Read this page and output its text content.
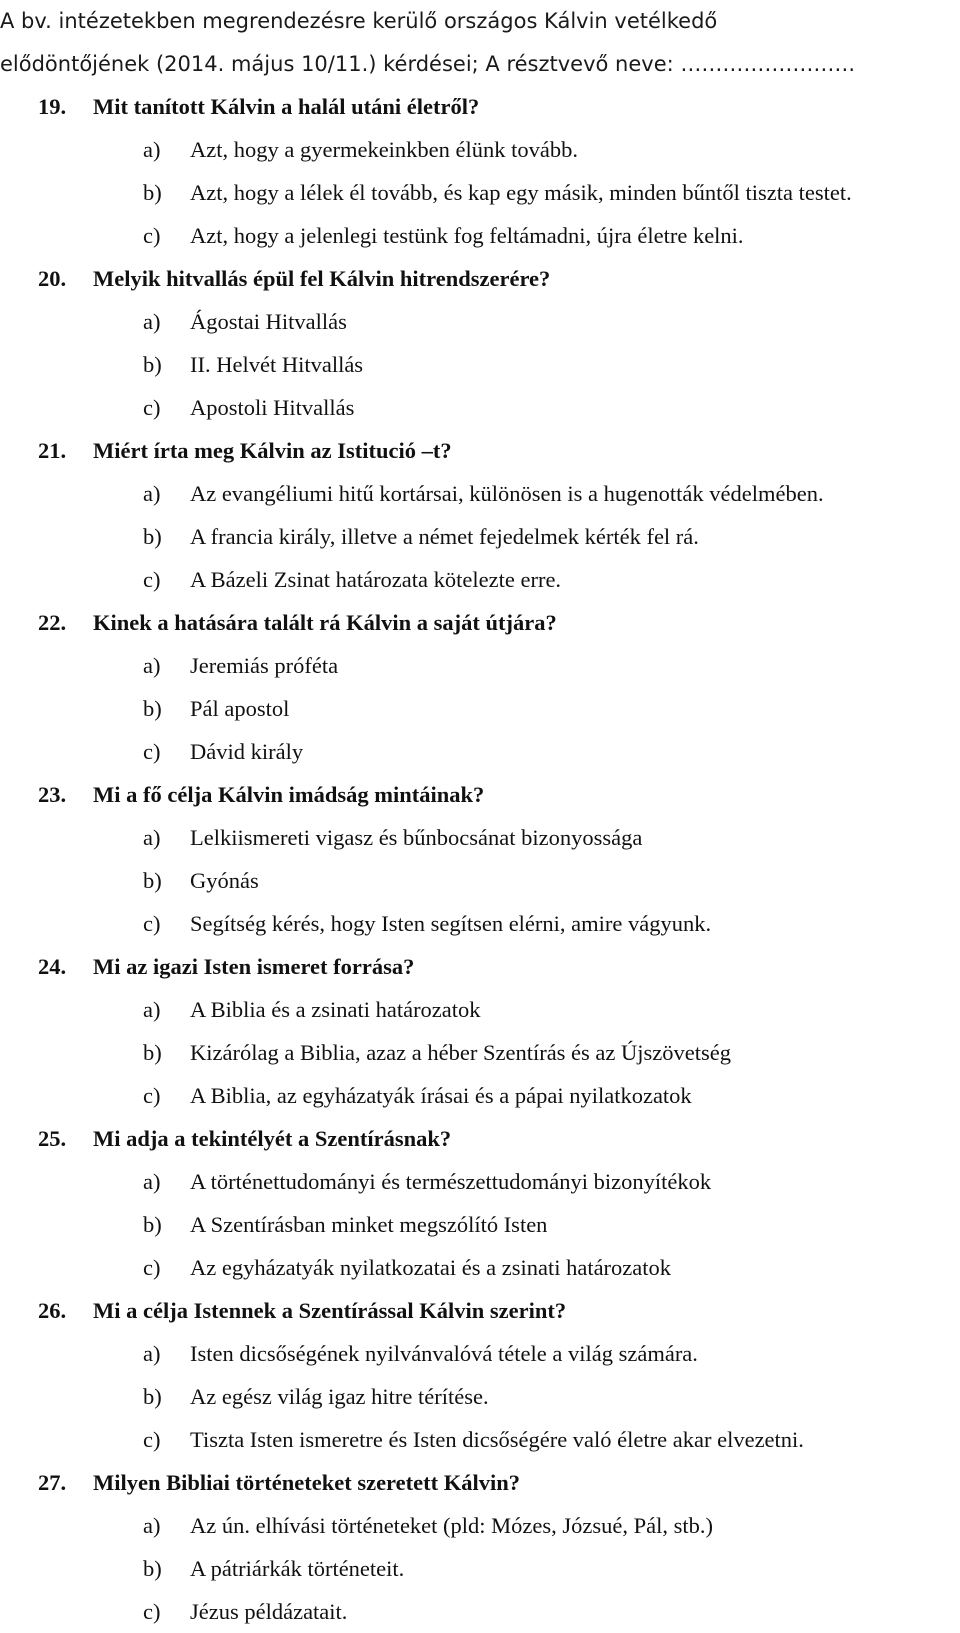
A bv. intézetekben megrendezésre kerülő országos Kálvin vetélkedő
elődöntőjének (2014. május 10/11.) kérdései; A résztvevő neve: …………………….
19. Mit tanított Kálvin a halál utáni életről?
a) Azt, hogy a gyermekeinkben élünk tovább.
b) Azt, hogy a lélek él tovább, és kap egy másik, minden bűntől tiszta testet.
c) Azt, hogy a jelenlegi testünk fog feltámadni, újra életre kelni.
20. Melyik hitvallás épül fel Kálvin hitrendszerére?
a) Ágostai Hitvallás
b) II. Helvét Hitvallás
c) Apostoli Hitvallás
21. Miért írta meg Kálvin az Istitució –t?
a) Az evangéliumi hitű kortársai, különösen is a hugenották védelmében.
b) A francia király, illetve a német fejedelmek kérték fel rá.
c) A Bázeli Zsinat határozata kötelezte erre.
22. Kinek a hatására talált rá Kálvin a saját útjára?
a) Jeremiás próféta
b) Pál apostol
c) Dávid király
23. Mi a fő célja Kálvin imádság mintáinak?
a) Lelkiismereti vigasz és bűnbocsánat bizonyossága
b) Gyónás
c) Segítség kérés, hogy Isten segítsen elérni, amire vágyunk.
24. Mi az igazi Isten ismeret forrása?
a) A Biblia és a zsinati határozatok
b) Kizárólag a Biblia, azaz a héber Szentírás és az Újszövetség
c) A Biblia, az egyházatyák írásai és a pápai nyilatkozatok
25. Mi adja a tekintélyét a Szentírásnak?
a) A történettudományi és természettudományi bizonyítékok
b) A Szentírásban minket megszólító Isten
c) Az egyházatyák nyilatkozatai és a zsinati határozatok
26. Mi a célja Istennek a Szentírással Kálvin szerint?
a) Isten dicsőségének nyilvánvalóvá tétele a világ számára.
b) Az egész világ igaz hitre térítése.
c) Tiszta Isten ismeretre és Isten dicsőségére való életre akar elvezetni.
27. Milyen Bibliai történeteket szeretett Kálvin?
a) Az ún. elhívási történeteket (pld: Mózes, Józsué, Pál, stb.)
b) A pátriárkák történeteit.
c) Jézus példázatait.
